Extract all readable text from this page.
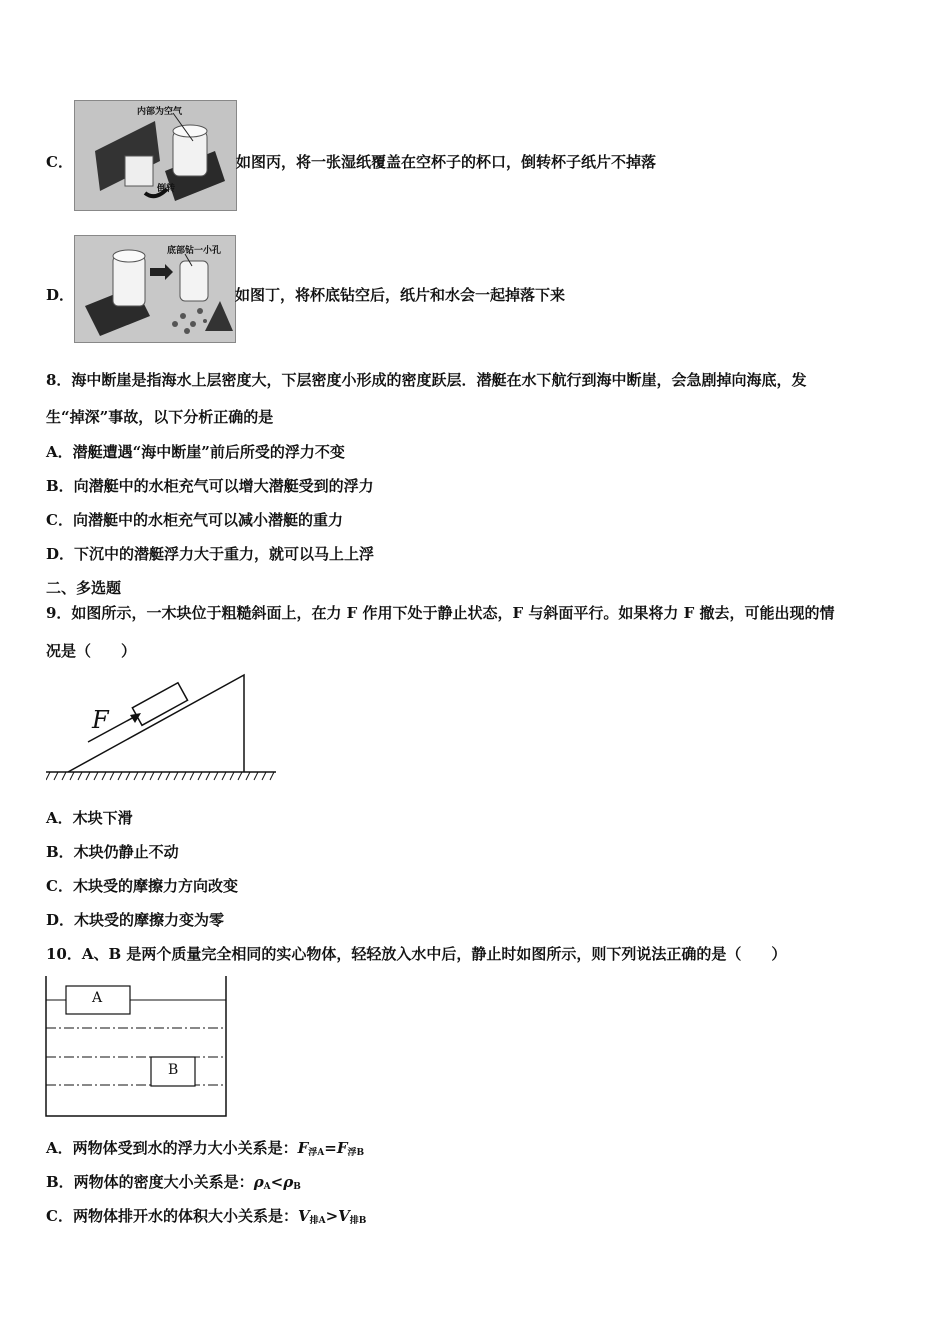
C．
内部为空气
倒转
如图丙，将一张湿纸覆盖在空杯子的杯口，倒转杯子纸片不掉落
D．
底部钻一小孔
如图丁，将杯底钻空后，纸片和水会一起掉落下来
8．海中断崖是指海水上层密度大，下层密度小形成的密度跃层．潜艇在水下航行到海中断崖，会急剧掉向海底，发
生“掉深”事故，以下分析正确的是
A．潜艇遭遇“海中断崖”前后所受的浮力不变
B．向潜艇中的水柜充气可以增大潜艇受到的浮力
C．向潜艇中的水柜充气可以减小潜艇的重力
D．下沉中的潜艇浮力大于重力，就可以马上上浮
二、多选题
9．如图所示，一木块位于粗糙斜面上，在力 F 作用下处于静止状态，F 与斜面平行。如果将力 F 撤去，可能出现的情
况是（　　）
F
A．木块下滑
B．木块仍静止不动
C．木块受的摩擦力方向改变
D．木块受的摩擦力变为零
10．A、B 是两个质量完全相同的实心物体，轻轻放入水中后，静止时如图所示，则下列说法正确的是（　　）
A
B
A．两物体受到水的浮力大小关系是：$F_{浮A}=F_{浮B}$
B．两物体的密度大小关系是：$\rho_A<\rho_B$
C．两物体排开水的体积大小关系是：$V_{排A}>V_{排B}$
